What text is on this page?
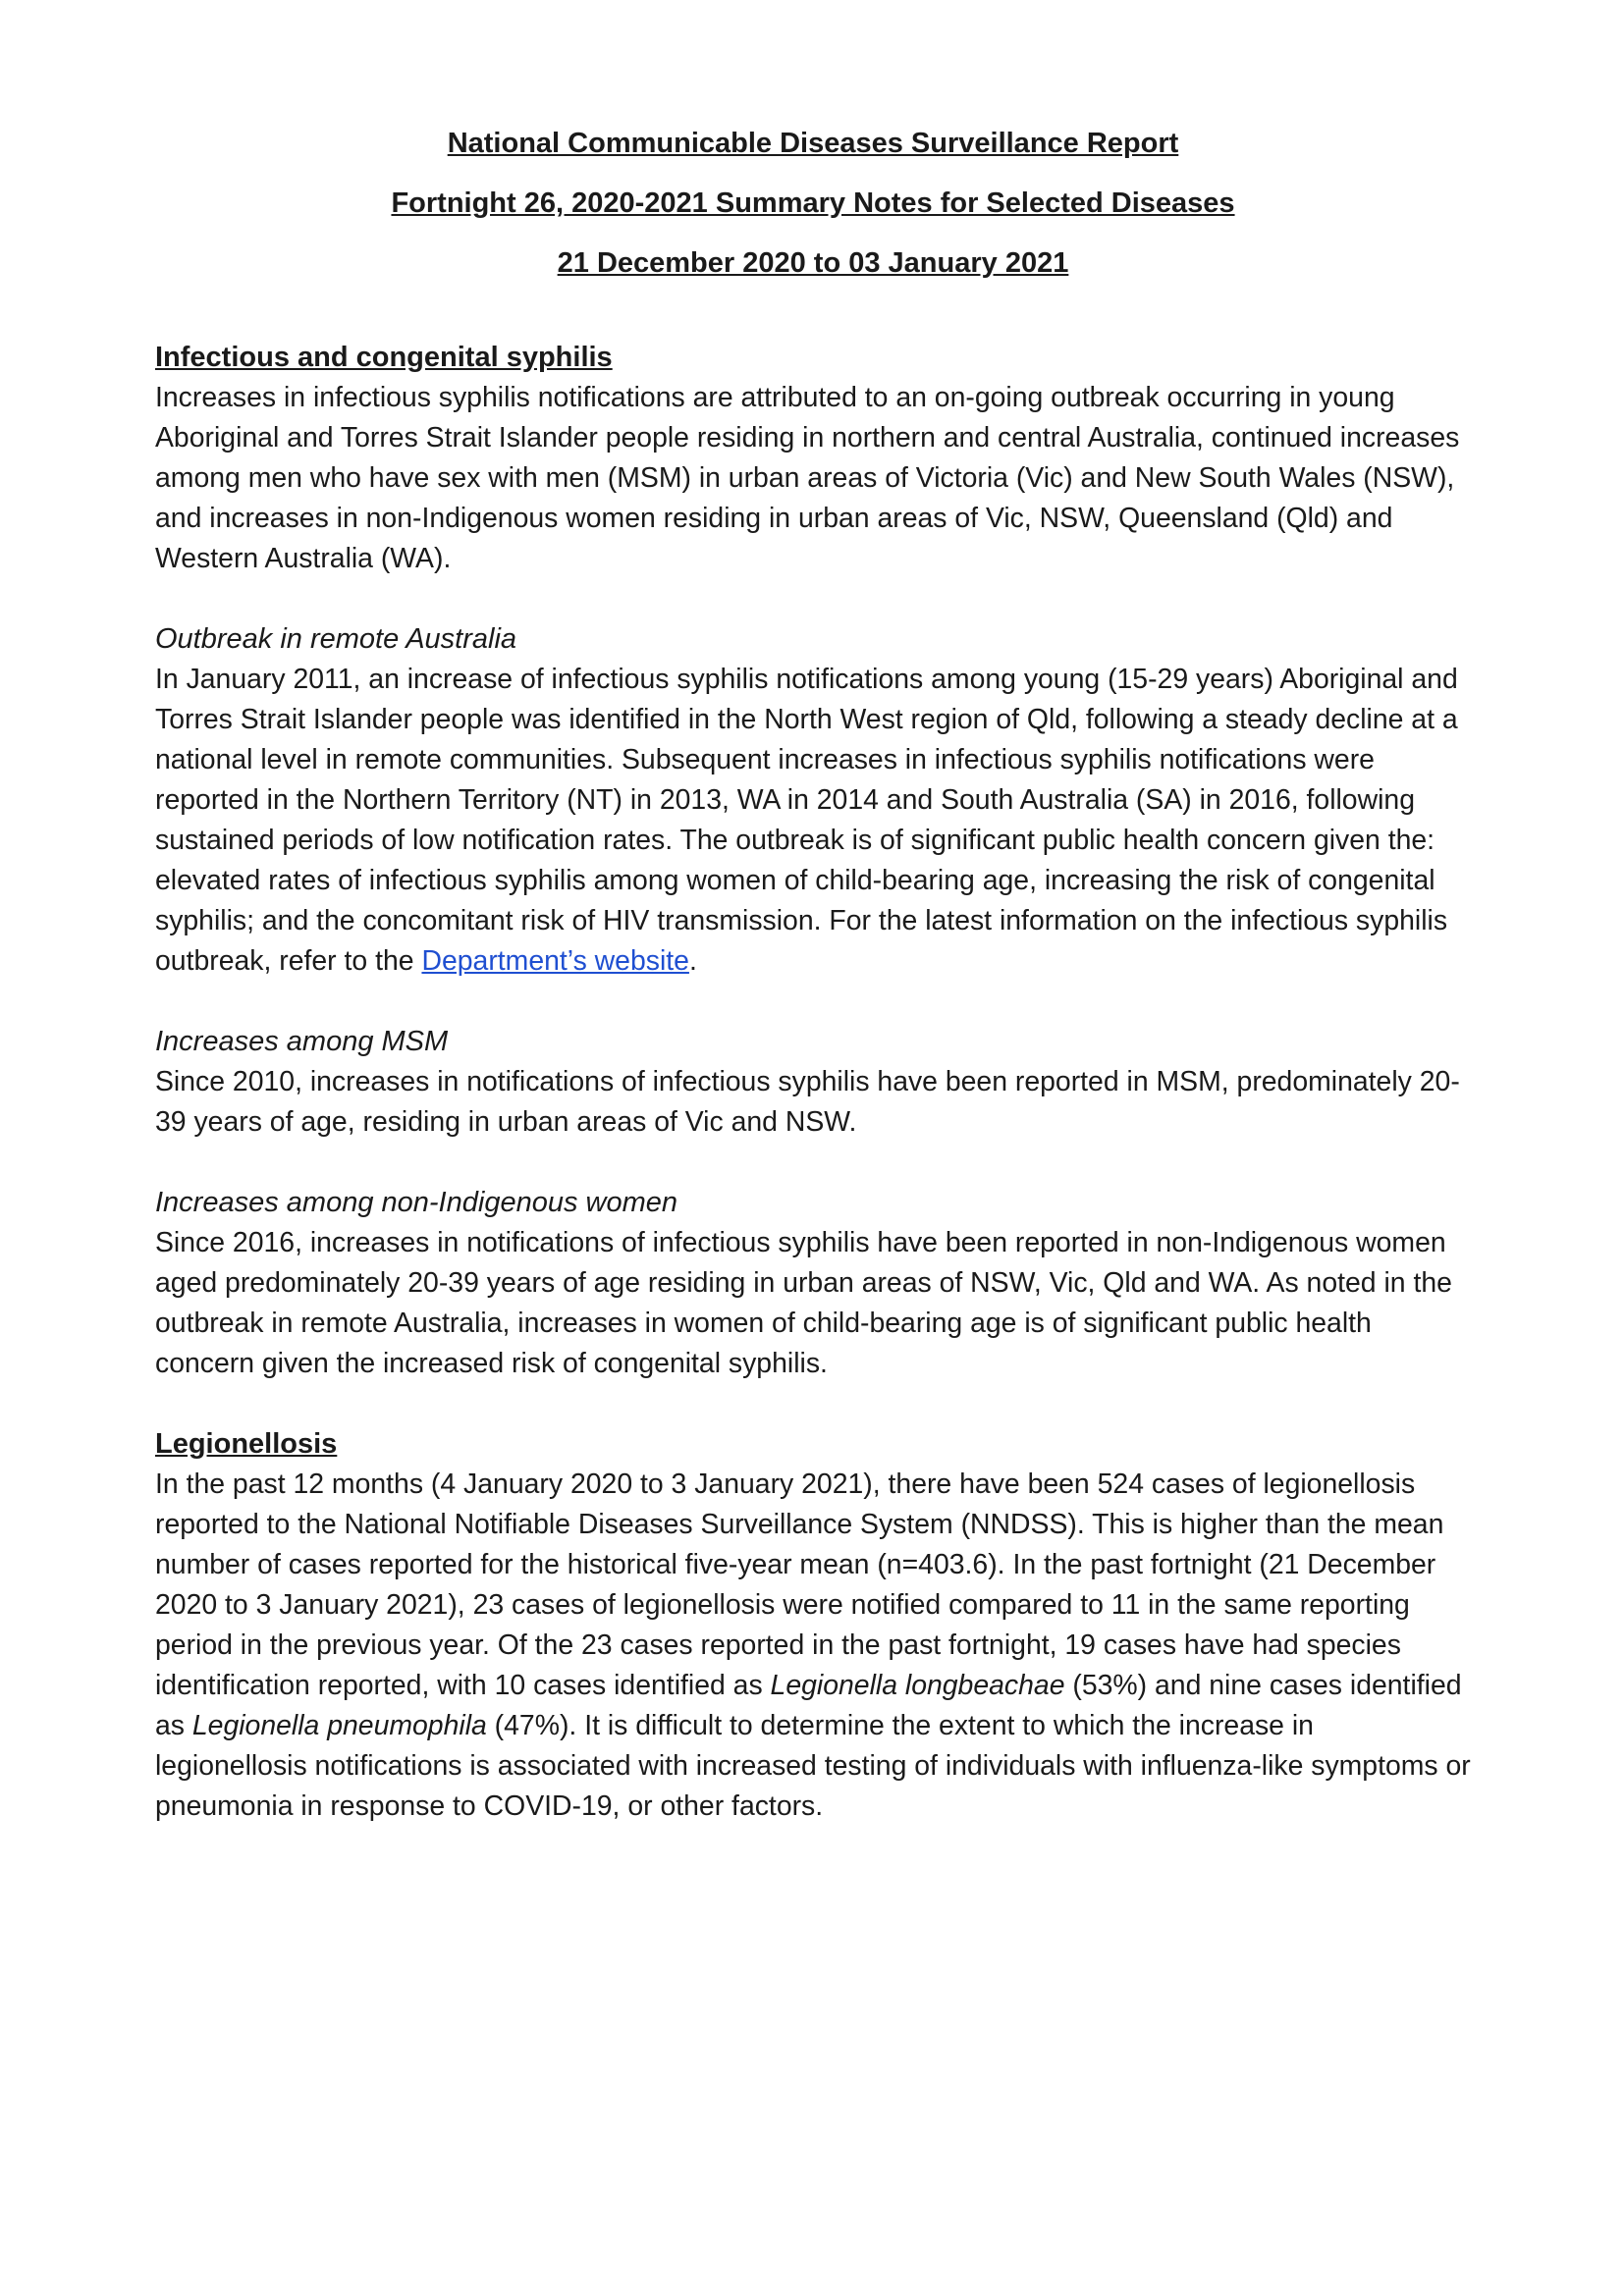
National Communicable Diseases Surveillance Report
Fortnight 26, 2020-2021 Summary Notes for Selected Diseases
21 December 2020 to 03 January 2021
Infectious and congenital syphilis

Increases in infectious syphilis notifications are attributed to an on-going outbreak occurring in young Aboriginal and Torres Strait Islander people residing in northern and central Australia, continued increases among men who have sex with men (MSM) in urban areas of Victoria (Vic) and New South Wales (NSW), and increases in non-Indigenous women residing in urban areas of Vic, NSW, Queensland (Qld) and Western Australia (WA).

Outbreak in remote Australia

In January 2011, an increase of infectious syphilis notifications among young (15-29 years) Aboriginal and Torres Strait Islander people was identified in the North West region of Qld, following a steady decline at a national level in remote communities. Subsequent increases in infectious syphilis notifications were reported in the Northern Territory (NT) in 2013, WA in 2014 and South Australia (SA) in 2016, following sustained periods of low notification rates. The outbreak is of significant public health concern given the: elevated rates of infectious syphilis among women of child-bearing age, increasing the risk of congenital syphilis; and the concomitant risk of HIV transmission. For the latest information on the infectious syphilis outbreak, refer to the Department’s website.

Increases among MSM

Since 2010, increases in notifications of infectious syphilis have been reported in MSM, predominately 20-39 years of age, residing in urban areas of Vic and NSW.

Increases among non-Indigenous women

Since 2016, increases in notifications of infectious syphilis have been reported in non-Indigenous women aged predominately 20-39 years of age residing in urban areas of NSW, Vic, Qld and WA. As noted in the outbreak in remote Australia, increases in women of child-bearing age is of significant public health concern given the increased risk of congenital syphilis.

Legionellosis

In the past 12 months (4 January 2020 to 3 January 2021), there have been 524 cases of legionellosis reported to the National Notifiable Diseases Surveillance System (NNDSS). This is higher than the mean number of cases reported for the historical five-year mean (n=403.6). In the past fortnight (21 December 2020 to 3 January 2021), 23 cases of legionellosis were notified compared to 11 in the same reporting period in the previous year. Of the 23 cases reported in the past fortnight, 19 cases have had species identification reported, with 10 cases identified as Legionella longbeachae (53%) and nine cases identified as Legionella pneumophila (47%). It is difficult to determine the extent to which the increase in legionellosis notifications is associated with increased testing of individuals with influenza-like symptoms or pneumonia in response to COVID-19, or other factors.
